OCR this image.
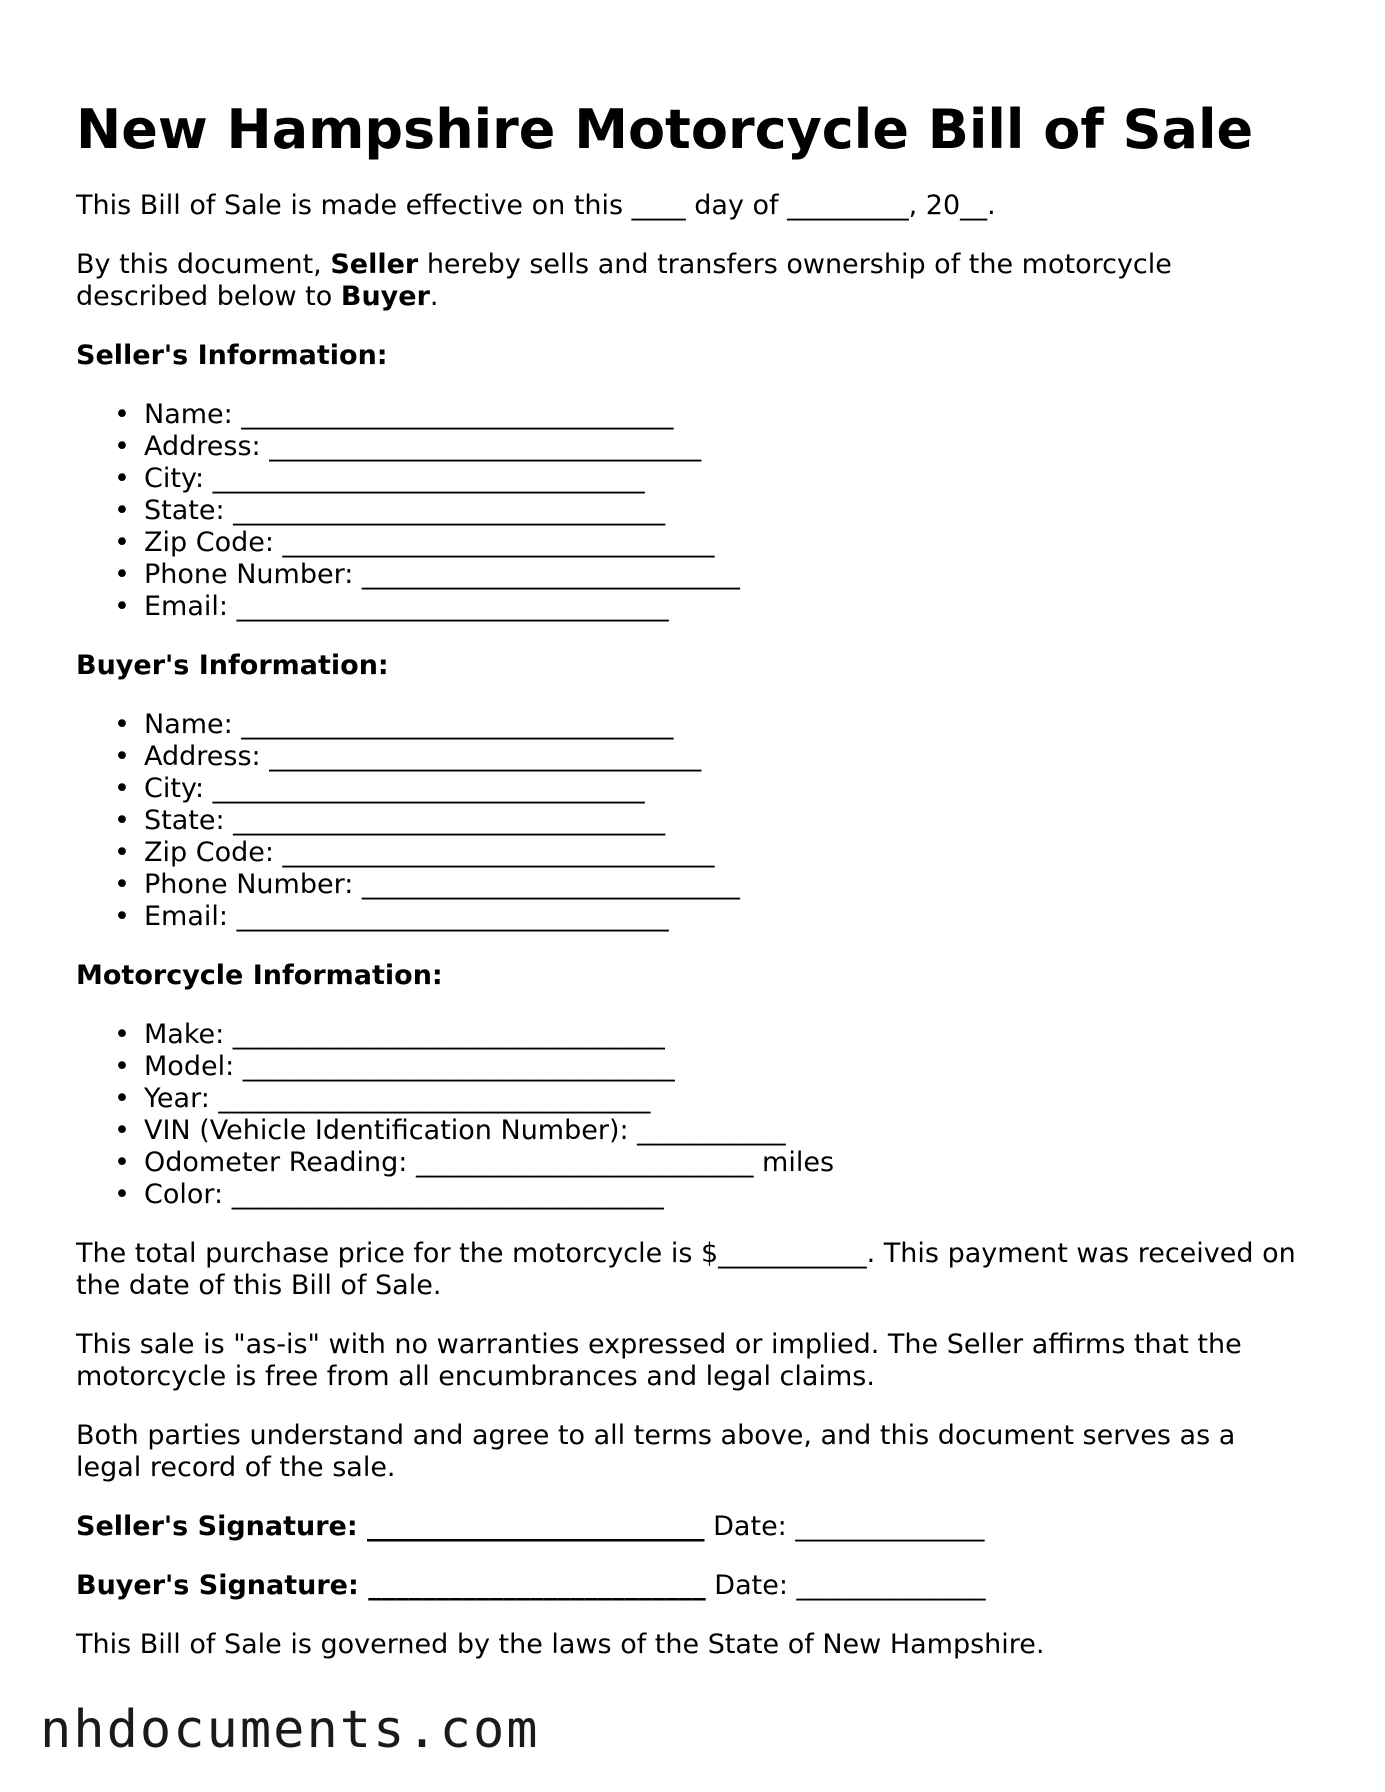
New Hampshire Motorcycle Bill of Sale

This Bill of Sale is made effective on this ____ day of _________, 20__.

By this document, Seller hereby sells and transfers ownership of the motorcycle described below to Buyer.

Seller's Information:
• Name: ________________________________
• Address: ________________________________
• City: ________________________________
• State: ________________________________
• Zip Code: ________________________________
• Phone Number: ____________________________
• Email: ________________________________
Buyer's Information:
• Name: ________________________________
• Address: ________________________________
• City: ________________________________
• State: ________________________________
• Zip Code: ________________________________
• Phone Number: ____________________________
• Email: ________________________________
Motorcycle Information:
• Make: ________________________________
• Model: ________________________________
• Year: ________________________________
• VIN (Vehicle Identification Number): ___________
• Odometer Reading: _________________________ miles
• Color: ________________________________

The total purchase price for the motorcycle is $___________. This payment was received on the date of this Bill of Sale.

This sale is "as-is" with no warranties expressed or implied. The Seller affirms that the motorcycle is free from all encumbrances and legal claims.

Both parties understand and agree to all terms above, and this document serves as a legal record of the sale.

Seller's Signature: _________________________ Date: ______________
Buyer's Signature: _________________________ Date: ______________

This Bill of Sale is governed by the laws of the State of New Hampshire.

nhdocuments.com
